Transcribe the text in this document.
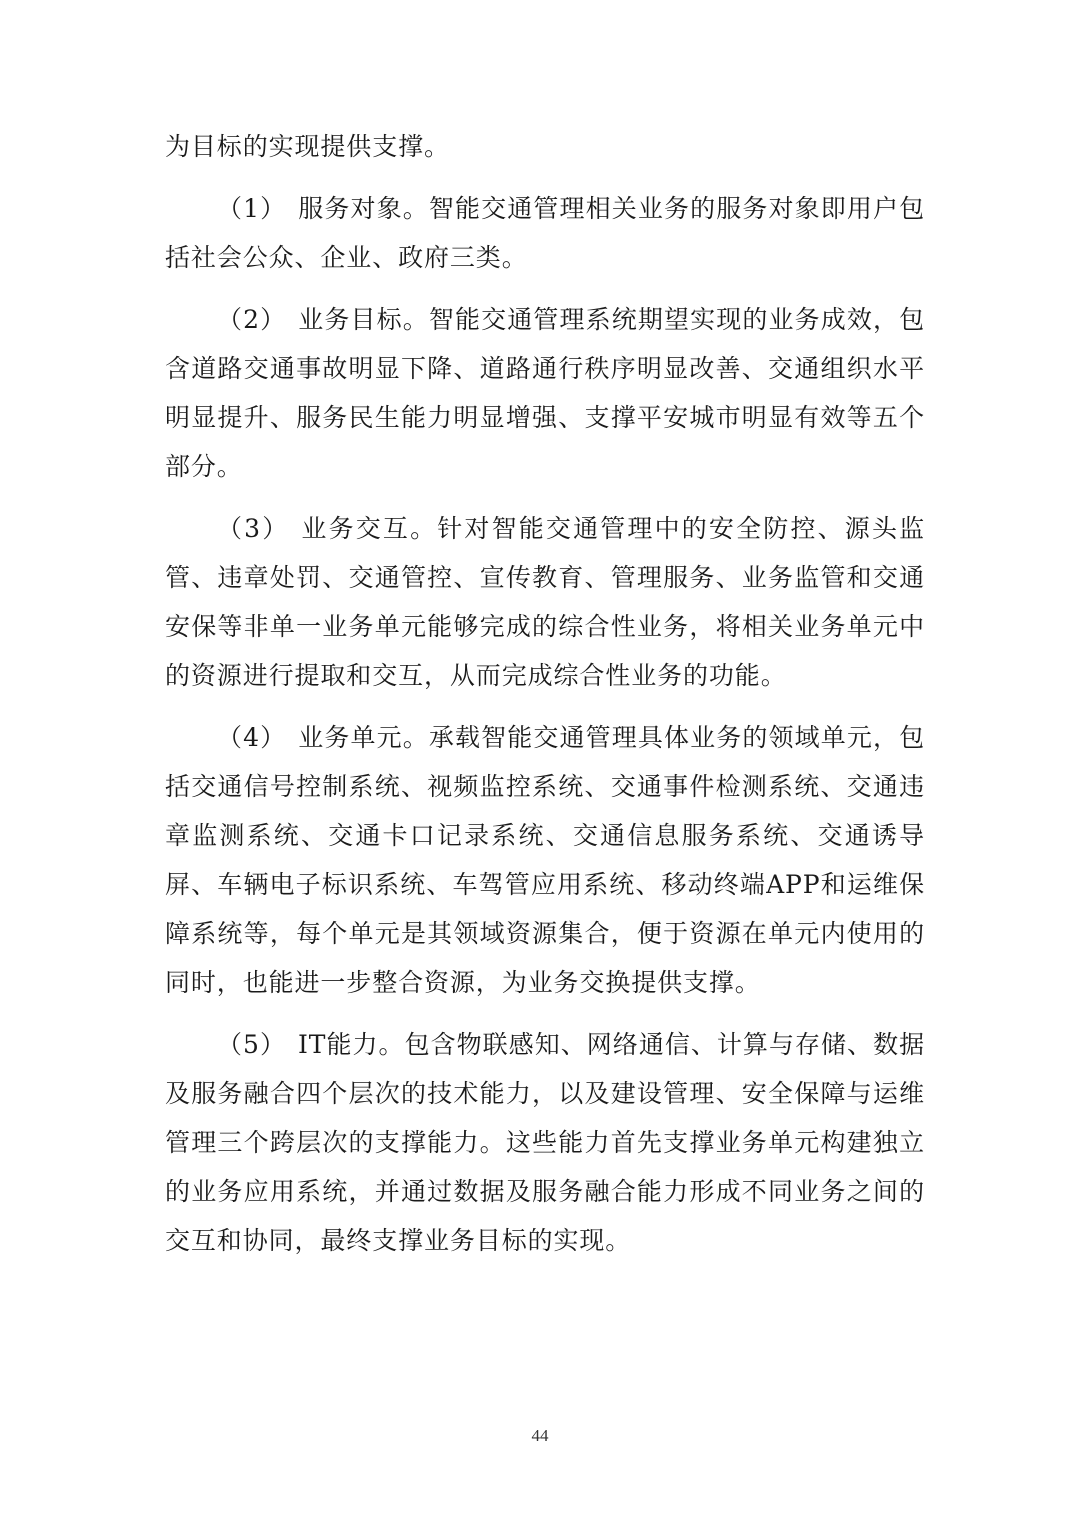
为目标的实现提供支撑。

（1） 服务对象。智能交通管理相关业务的服务对象即用户包括社会公众、企业、政府三类。

（2） 业务目标。智能交通管理系统期望实现的业务成效，包含道路交通事故明显下降、道路通行秩序明显改善、交通组织水平明显提升、服务民生能力明显增强、支撑平安城市明显有效等五个部分。

（3） 业务交互。针对智能交通管理中的安全防控、源头监管、违章处罚、交通管控、宣传教育、管理服务、业务监管和交通安保等非单一业务单元能够完成的综合性业务，将相关业务单元中的资源进行提取和交互，从而完成综合性业务的功能。

（4） 业务单元。承载智能交通管理具体业务的领域单元，包括交通信号控制系统、视频监控系统、交通事件检测系统、交通违章监测系统、交通卡口记录系统、交通信息服务系统、交通诱导屏、车辆电子标识系统、车驾管应用系统、移动终端APP和运维保障系统等，每个单元是其领域资源集合，便于资源在单元内使用的同时，也能进一步整合资源，为业务交换提供支撑。

（5） IT能力。包含物联感知、网络通信、计算与存储、数据及服务融合四个层次的技术能力，以及建设管理、安全保障与运维管理三个跨层次的支撑能力。这些能力首先支撑业务单元构建独立的业务应用系统，并通过数据及服务融合能力形成不同业务之间的交互和协同，最终支撑业务目标的实现。

44
